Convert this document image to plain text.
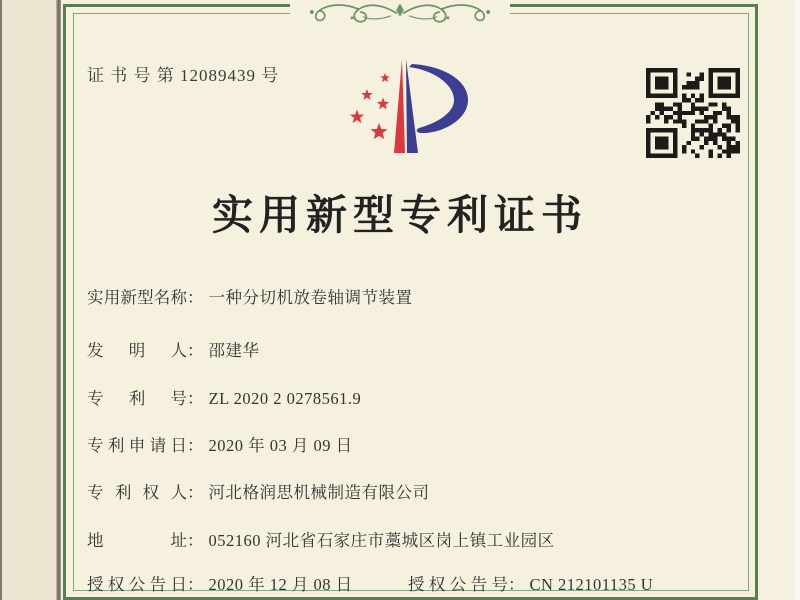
证 书 号 第 12089439 号
实用新型专利证书
实用新型名称： 一种分切机放卷轴调节装置
发明人： 邵建华
专利号： ZL 2020 2 0278561.9
专利申请日： 2020 年 03 月 09 日
专利权人： 河北格润思机械制造有限公司
地址： 052160 河北省石家庄市藁城区岗上镇工业园区
授权公告日： 2020 年 12 月 08 日	授权公告号： CN 212101135 U
